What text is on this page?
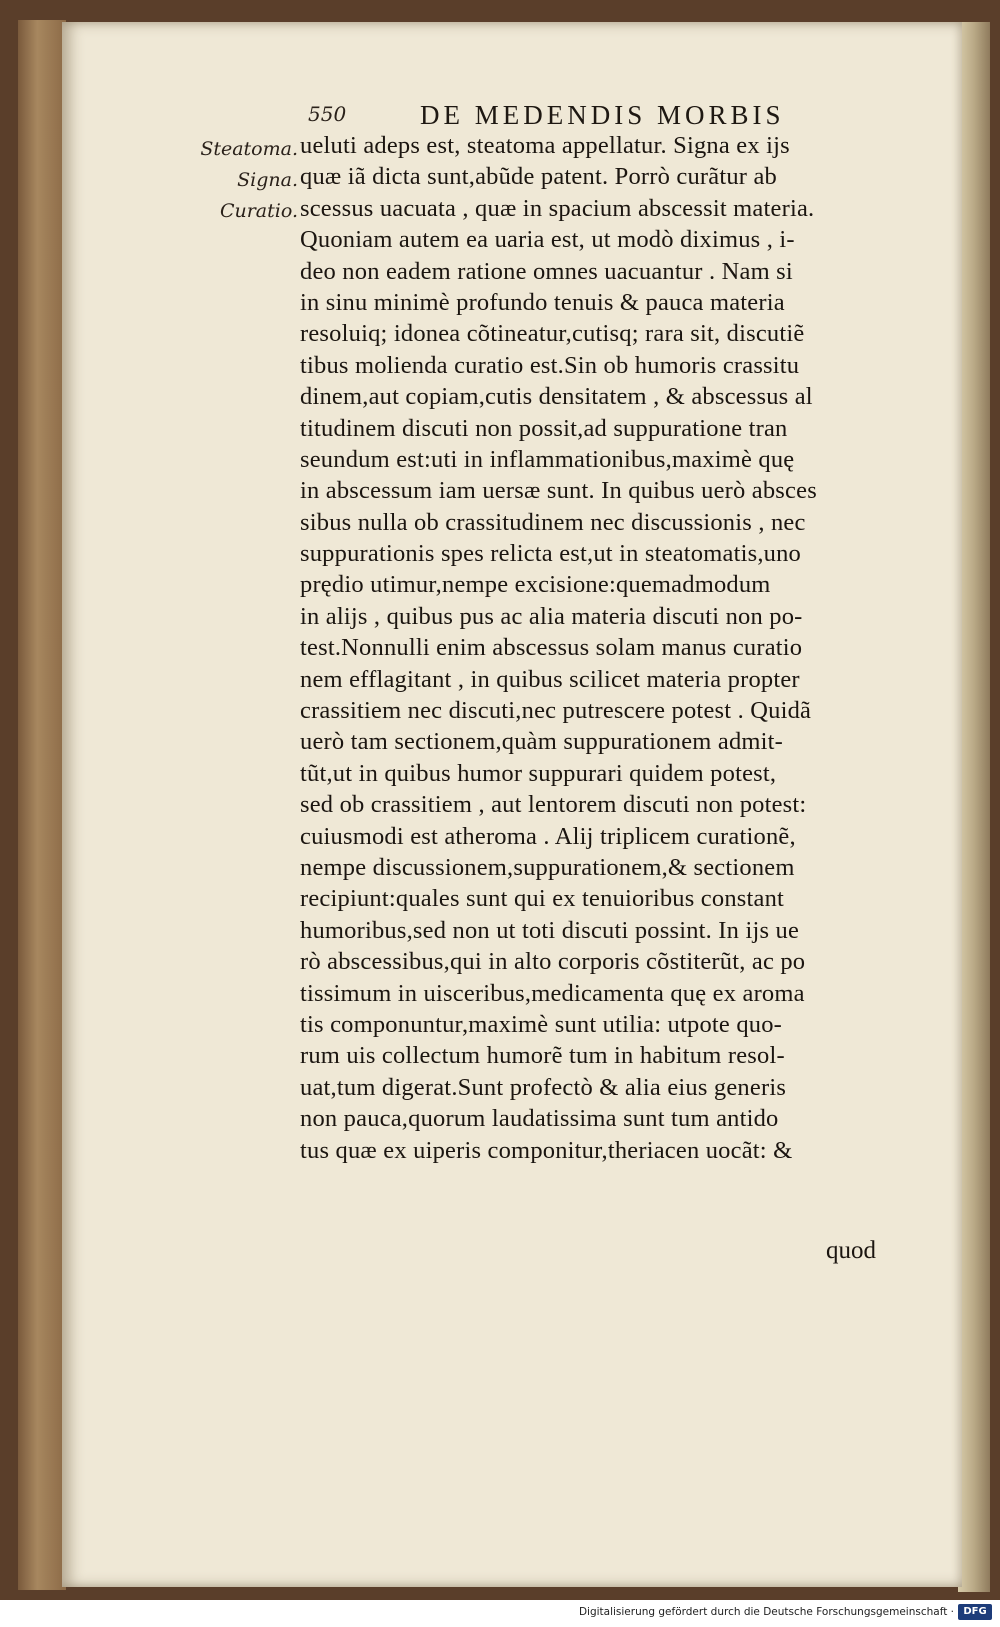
550	DE MEDENDIS MORBIS
Steatoma.
Signa.
Curatio.
ueluti adeps est, steatoma appellatur. Signa ex ijs
quæ iã dicta sunt,abũde patent. Porrò curãtur ab
scessus uacuata , quæ in spacium abscessit materia.
Quoniam autem ea uaria est, ut modò diximus , i-
deo non eadem ratione omnes uacuantur . Nam si
in sinu minimè profundo tenuis & pauca materia
resoluiq; idonea cõtineatur,cutisq; rara sit, discutiẽ
tibus molienda curatio est.Sin ob humoris crassitu
dinem,aut copiam,cutis densitatem , & abscessus al
titudinem discuti non possit,ad suppuratione tran
seundum est:uti in inflammationibus,maximè quę
in abscessum iam uersæ sunt. In quibus uerò absces
sibus nulla ob crassitudinem nec discussionis , nec
suppurationis spes relicta est,ut in steatomatis,uno
prędio utimur,nempe excisione:quemadmodum
in alijs , quibus pus ac alia materia discuti non po-
test.Nonnulli enim abscessus solam manus curatio
nem efflagitant , in quibus scilicet materia propter
crassitiem nec discuti,nec putrescere potest . Quidã
uerò tam sectionem,quàm suppurationem admit-
tũt,ut in quibus humor suppurari quidem potest,
sed ob crassitiem , aut lentorem discuti non potest:
cuiusmodi est atheroma . Alij triplicem curationẽ,
nempe discussionem,suppurationem,& sectionem
recipiunt:quales sunt qui ex tenuioribus constant
humoribus,sed non ut toti discuti possint. In ijs ue
rò abscessibus,qui in alto corporis cõstiterũt, ac po
tissimum in uisceribus,medicamenta quę ex aroma
tis componuntur,maximè sunt utilia: utpote quo-
rum uis collectum humorẽ tum in habitum resol-
uat,tum digerat.Sunt profectò & alia eius generis
non pauca,quorum laudatissima sunt tum antido
tus quæ ex uiperis componitur,theriacen uocãt: &
quod
Digitalisierung gefördert durch die Deutsche Forschungsgemeinschaft · DFG
